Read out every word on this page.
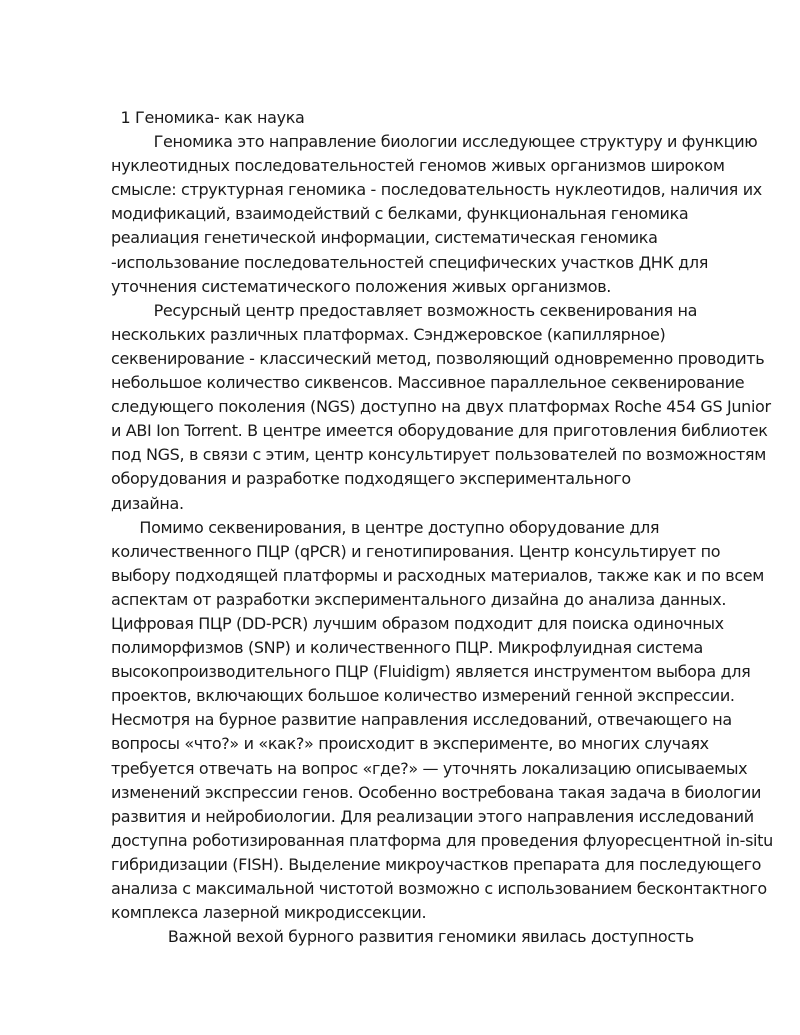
1 Геномика- как наука
Геномика это направление биологии исследующее структуру и функцию
нуклеотидных последовательностей геномов живых организмов широком
смысле: структурная геномика - последовательность нуклеотидов, наличия их
модификаций, взаимодействий с белками, функциональная геномика
реалиация генетической информации, систематическая геномика
-использование последовательностей специфических участков ДНК для
уточнения систематического положения живых организмов.
Ресурсный центр предоставляет возможность секвенирования на
нескольких различных платформах. Сэнджеровское (капиллярное)
секвенирование - классический метод, позволяющий одновременно проводить
небольшое количество сиквенсов. Массивное параллельное секвенирование
следующего поколения (NGS) доступно на двух платформах Roche 454 GS Junior
и ABI Ion Torrent. В центре имеется оборудование для приготовления библиотек
под NGS, в связи с этим, центр консультирует пользователей по возможностям
оборудования и разработке подходящего экспериментального
дизайна.
Помимо секвенирования, в центре доступно оборудование для
количественного ПЦР (qPCR) и генотипирования. Центр консультирует по
выбору подходящей платформы и расходных материалов, также как и по всем
аспектам от разработки экспериментального дизайна до анализа данных.
Цифровая ПЦР (DD-PCR) лучшим образом подходит для поиска одиночных
полиморфизмов (SNP) и количественного ПЦР. Микрофлуидная система
высокопроизводительного ПЦР (Fluidigm) является инструментом выбора для
проектов, включающих большое количество измерений генной экспрессии.
Несмотря на бурное развитие направления исследований, отвечающего на
вопросы «что?» и «как?» происходит в эксперименте, во многих случаях
требуется отвечать на вопрос «где?» — уточнять локализацию описываемых
изменений экспрессии генов. Особенно востребована такая задача в биологии
развития и нейробиологии. Для реализации этого направления исследований
доступна роботизированная платформа для проведения флуоресцентной in-situ
гибридизации (FISH). Выделение микроучастков препарата для последующего
анализа с максимальной чистотой возможно с использованием бесконтактного
комплекса лазерной микродиссекции.
Важной вехой бурного развития геномики явилась доступность
